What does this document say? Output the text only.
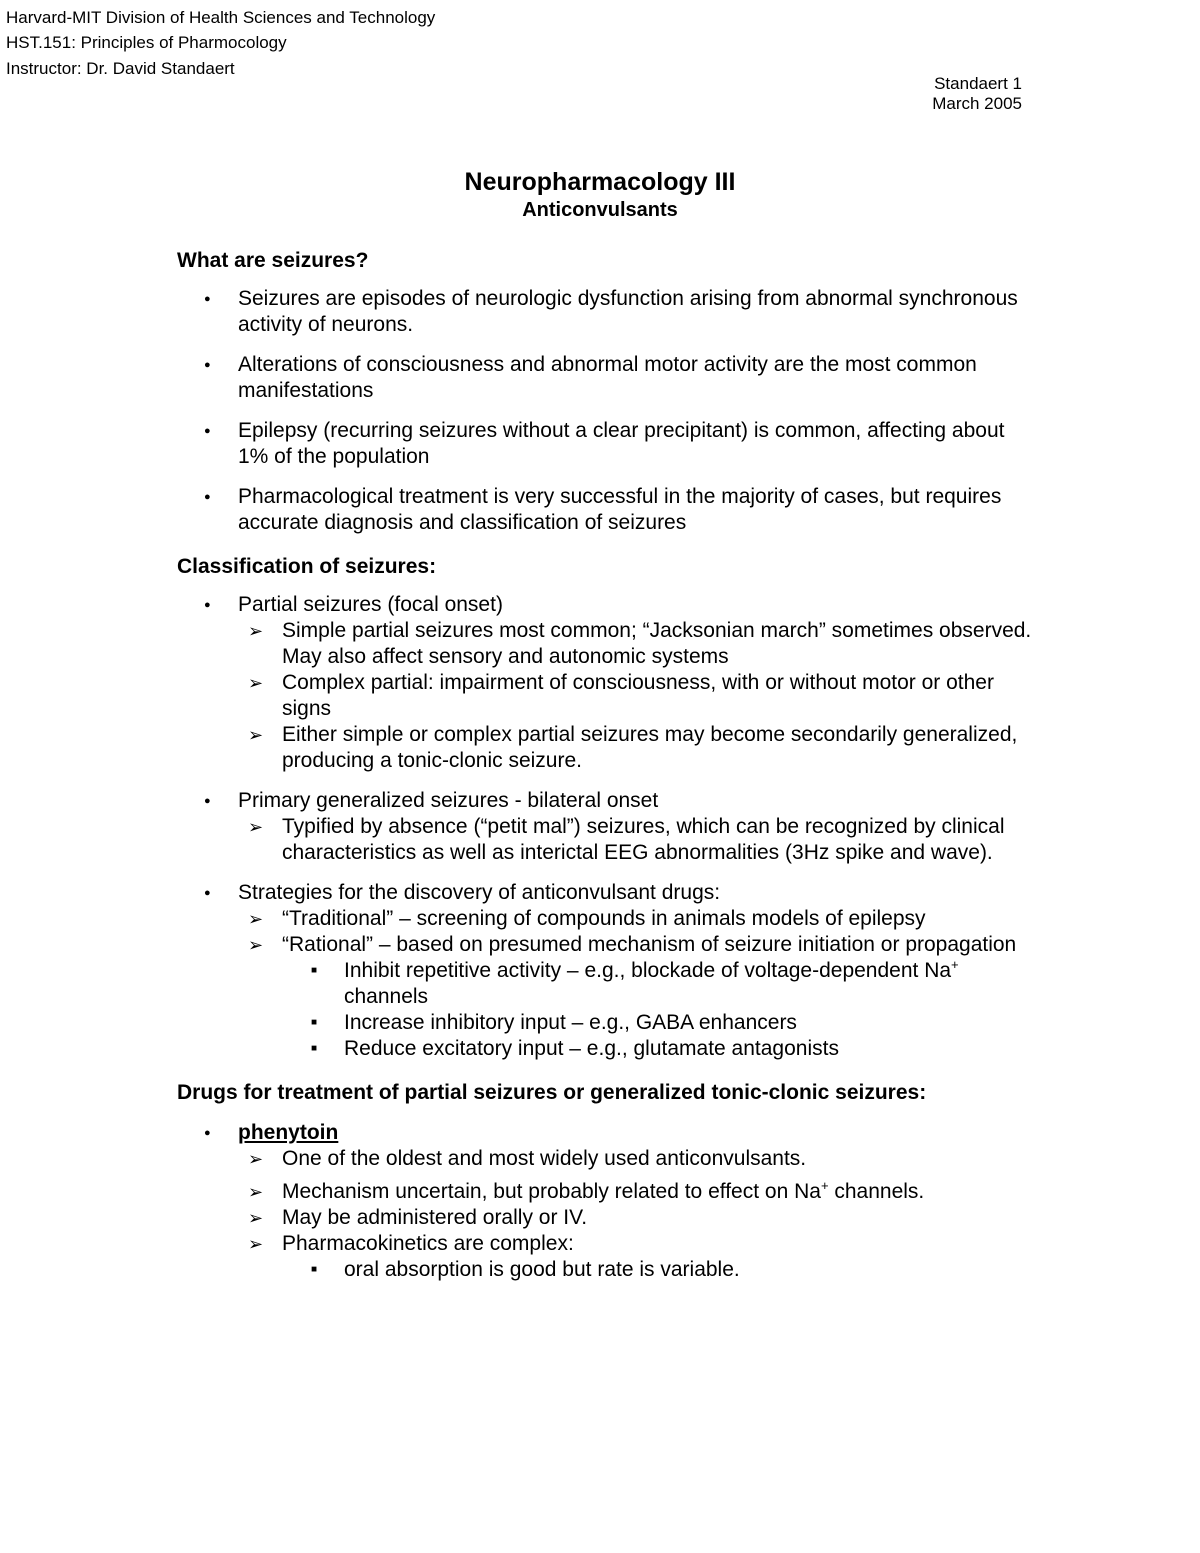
Harvard-MIT Division of Health Sciences and Technology
HST.151: Principles of Pharmocology
Instructor: Dr. David Standaert
Standaert 1
March 2005
Neuropharmacology III
Anticonvulsants
What are seizures?
● Seizures are episodes of neurologic dysfunction arising from abnormal synchronous activity of neurons.
● Alterations of consciousness and abnormal motor activity are the most common manifestations
● Epilepsy (recurring seizures without a clear precipitant) is common, affecting about 1% of the population
● Pharmacological treatment is very successful in the majority of cases, but requires accurate diagnosis and classification of seizures
Classification of seizures:
● Partial seizures (focal onset)
➢ Simple partial seizures most common; “Jacksonian march” sometimes observed. May also affect sensory and autonomic systems
➢ Complex partial: impairment of consciousness, with or without motor or other signs
➢ Either simple or complex partial seizures may become secondarily generalized, producing a tonic-clonic seizure.
● Primary generalized seizures - bilateral onset
➢ Typified by absence (“petit mal”) seizures, which can be recognized by clinical characteristics as well as interictal EEG abnormalities (3Hz spike and wave).
● Strategies for the discovery of anticonvulsant drugs:
➢ “Traditional” – screening of compounds in animals models of epilepsy
➢ “Rational” – based on presumed mechanism of seizure initiation or propagation
■ Inhibit repetitive activity – e.g., blockade of voltage-dependent Na+ channels
■ Increase inhibitory input – e.g., GABA enhancers
■ Reduce excitatory input – e.g., glutamate antagonists
Drugs for treatment of partial seizures or generalized tonic-clonic seizures:
● phenytoin
➢ One of the oldest and most widely used anticonvulsants.
➢ Mechanism uncertain, but probably related to effect on Na+ channels.
➢ May be administered orally or IV.
➢ Pharmacokinetics are complex:
■ oral absorption is good but rate is variable.
